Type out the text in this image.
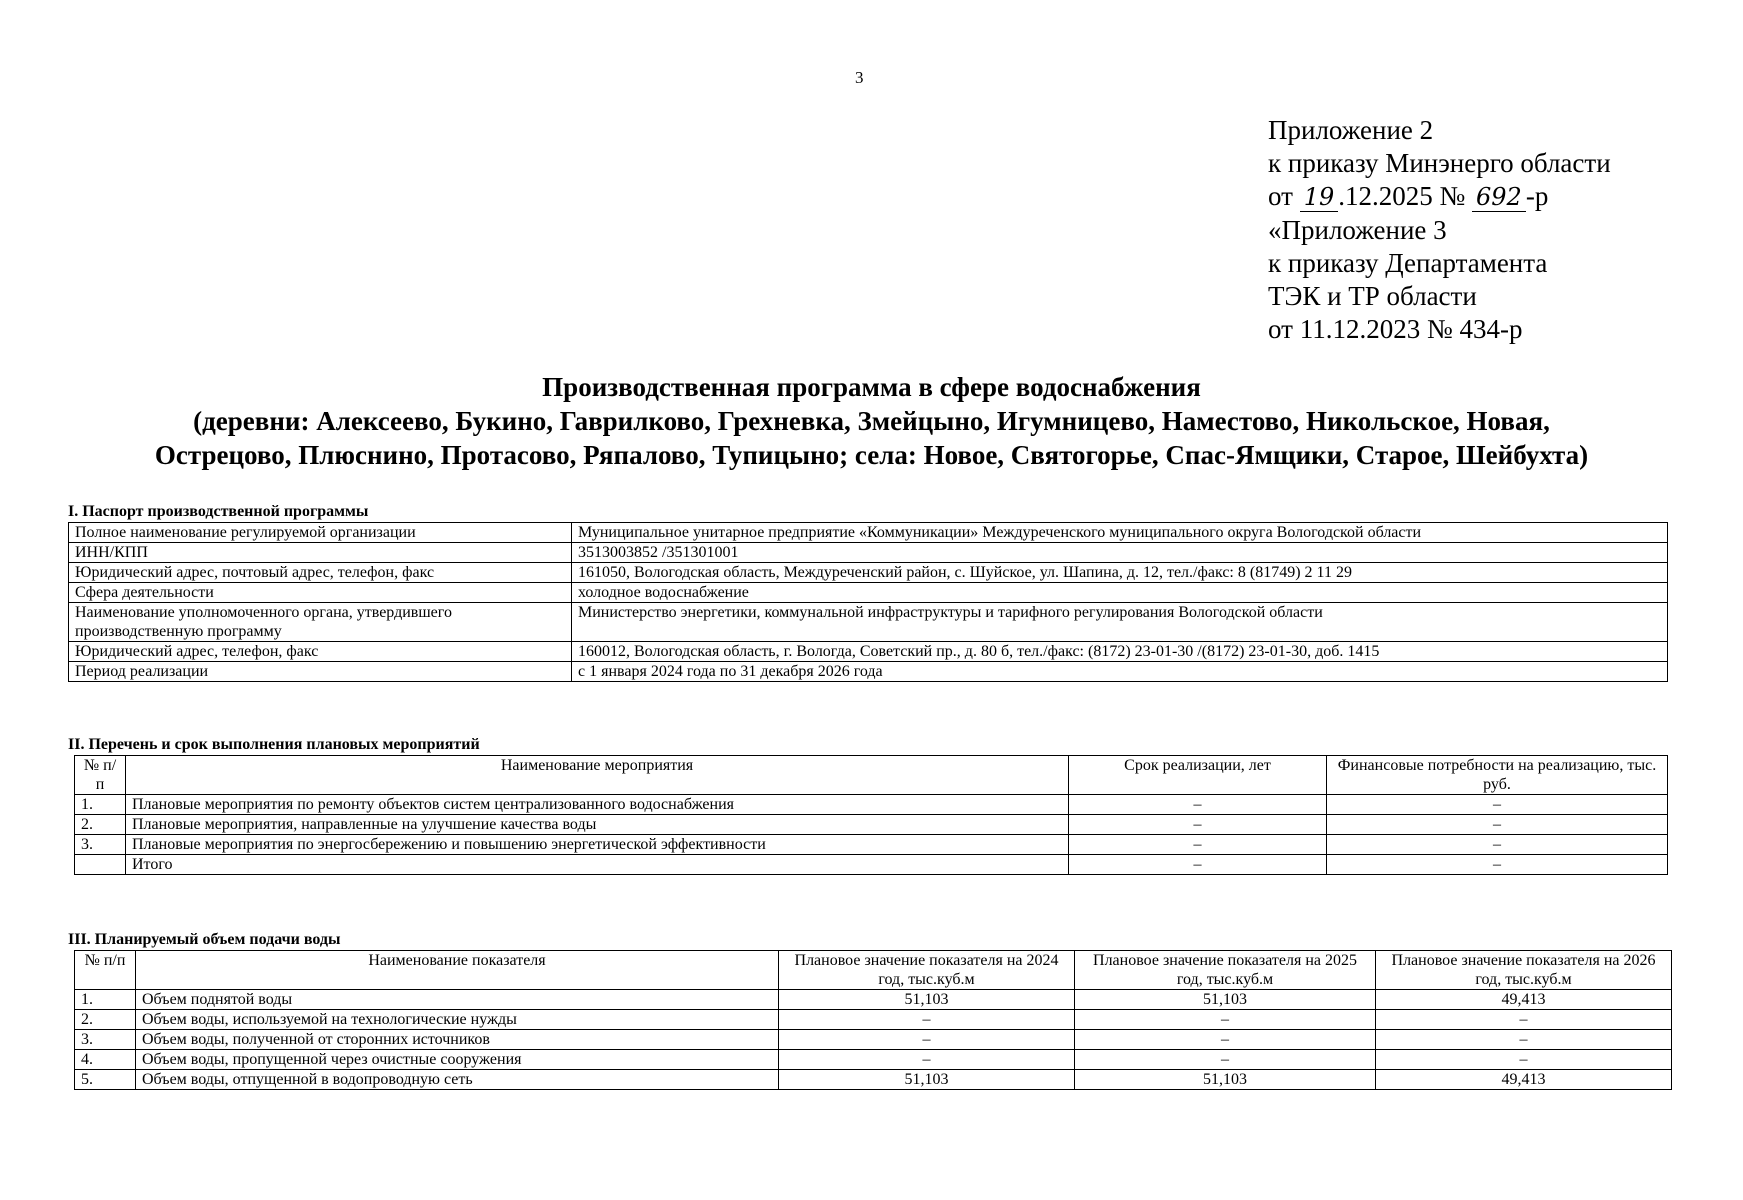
3
Приложение 2
к приказу Минэнерго области
от 19 .12.2025 № 692 -р
«Приложение 3
к приказу Департамента
ТЭК и ТР области
от 11.12.2023 № 434-р
Производственная программа в сфере водоснабжения
(деревни: Алексеево, Букино, Гаврилково, Грехневка, Змейцыно, Игумницево, Наместово, Никольское, Новая,
Острецово, Плюснино, Протасово, Ряпалово, Тупицыно; села: Новое, Святогорье, Спас-Ямщики, Старое, Шейбухта)
I. Паспорт производственной программы
Полное наименование регулируемой организации	Муниципальное унитарное предприятие «Коммуникации» Междуреченского муниципального округа Вологодской области
ИНН/КПП	3513003852 /351301001
Юридический адрес, почтовый адрес, телефон, факс	161050, Вологодская область, Междуреченский район, с. Шуйское, ул. Шапина, д. 12, тел./факс: 8 (81749) 2 11 29
Сфера деятельности	холодное водоснабжение
Наименование уполномоченного органа, утвердившего производственную программу	Министерство энергетики, коммунальной инфраструктуры и тарифного регулирования Вологодской области
Юридический адрес, телефон, факс	160012, Вологодская область, г. Вологда, Советский пр., д. 80 б, тел./факс: (8172) 23-01-30 /(8172) 23-01-30, доб. 1415
Период реализации	с 1 января 2024 года по 31 декабря 2026 года
II. Перечень и срок выполнения плановых мероприятий
№ п/п	Наименование мероприятия	Срок реализации, лет	Финансовые потребности на реализацию, тыс. руб.
1.	Плановые мероприятия по ремонту объектов систем централизованного водоснабжения	–	–
2.	Плановые мероприятия, направленные на улучшение качества воды	–	–
3.	Плановые мероприятия по энергосбережению и повышению энергетической эффективности	–	–
	Итого	–	–
III. Планируемый объем подачи воды
№ п/п	Наименование показателя	Плановое значение показателя на 2024 год, тыс.куб.м	Плановое значение показателя на 2025 год, тыс.куб.м	Плановое значение показателя на 2026 год, тыс.куб.м
1.	Объем поднятой воды	51,103	51,103	49,413
2.	Объем воды, используемой на технологические нужды	–	–	–
3.	Объем воды, полученной от сторонних источников	–	–	–
4.	Объем воды, пропущенной через очистные сооружения	–	–	–
5.	Объем воды, отпущенной в водопроводную сеть	51,103	51,103	49,413
